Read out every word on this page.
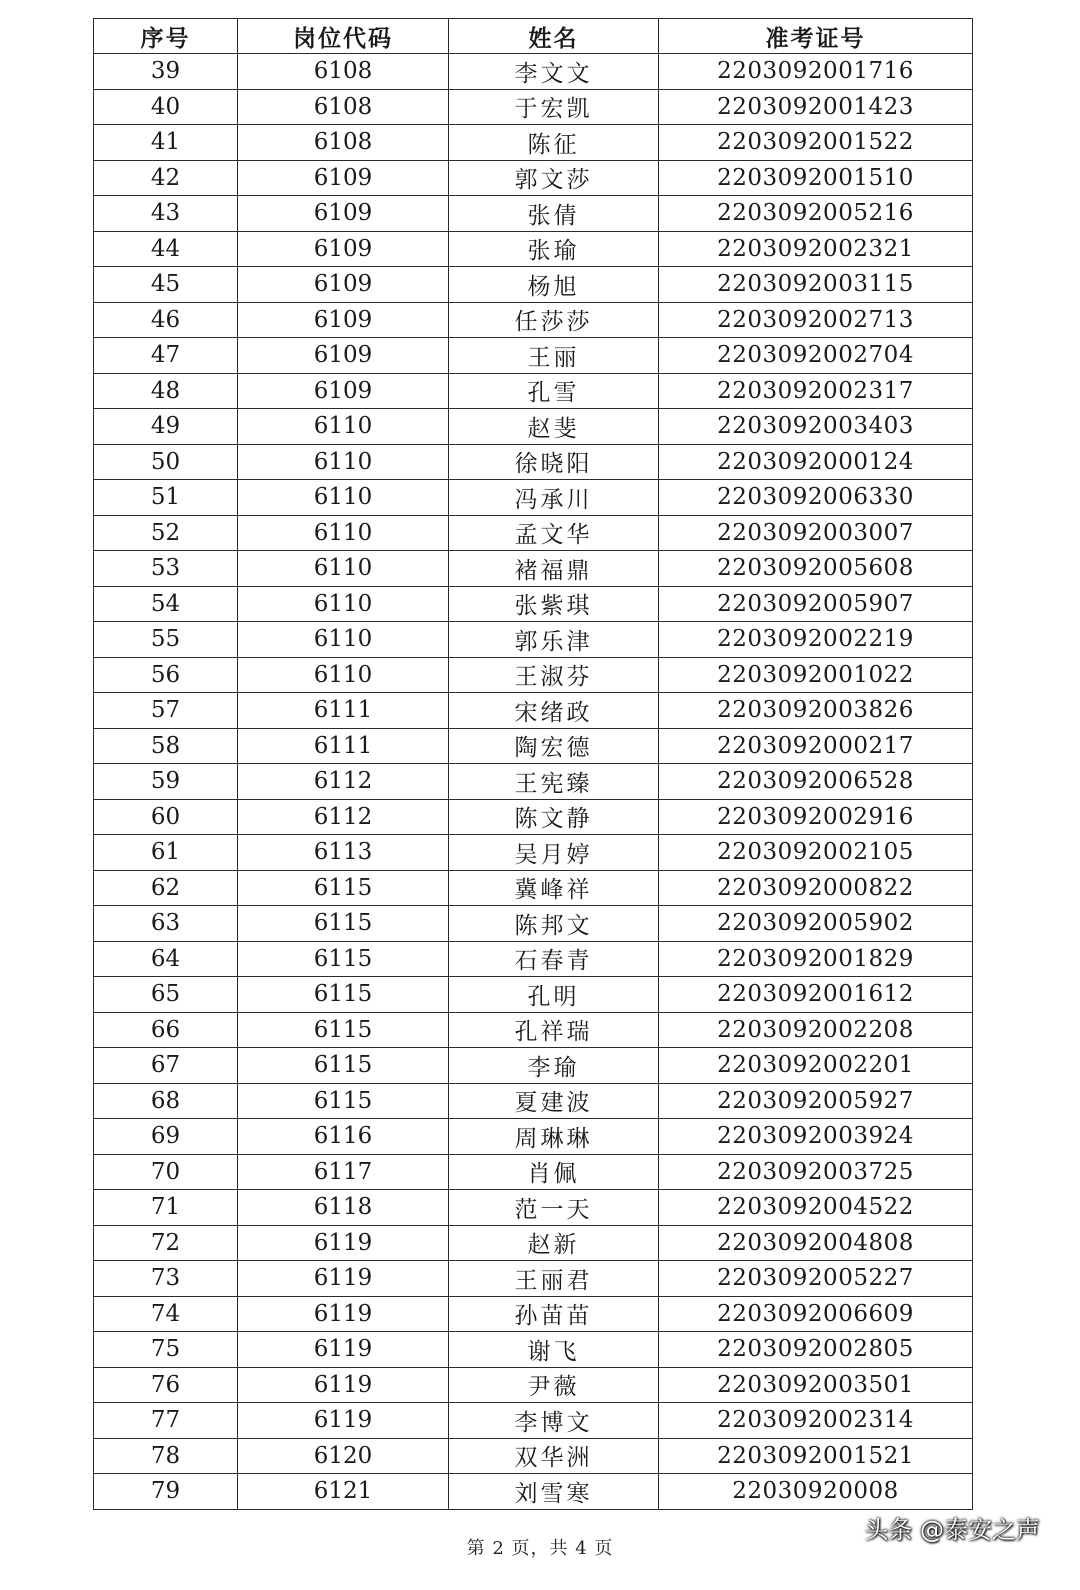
序号	岗位代码	姓名	准考证号
39	6108	李文文	2203092001716
40	6108	于宏凯	2203092001423
41	6108	陈征	2203092001522
42	6109	郭文莎	2203092001510
43	6109	张倩	2203092005216
44	6109	张瑜	2203092002321
45	6109	杨旭	2203092003115
46	6109	任莎莎	2203092002713
47	6109	王丽	2203092002704
48	6109	孔雪	2203092002317
49	6110	赵斐	2203092003403
50	6110	徐晓阳	2203092000124
51	6110	冯承川	2203092006330
52	6110	孟文华	2203092003007
53	6110	褚福鼎	2203092005608
54	6110	张紫琪	2203092005907
55	6110	郭乐津	2203092002219
56	6110	王淑芬	2203092001022
57	6111	宋绪政	2203092003826
58	6111	陶宏德	2203092000217
59	6112	王宪臻	2203092006528
60	6112	陈文静	2203092002916
61	6113	吴月婷	2203092002105
62	6115	冀峰祥	2203092000822
63	6115	陈邦文	2203092005902
64	6115	石春青	2203092001829
65	6115	孔明	2203092001612
66	6115	孔祥瑞	2203092002208
67	6115	李瑜	2203092002201
68	6115	夏建波	2203092005927
69	6116	周琳琳	2203092003924
70	6117	肖佩	2203092003725
71	6118	范一天	2203092004522
72	6119	赵新	2203092004808
73	6119	王丽君	2203092005227
74	6119	孙苗苗	2203092006609
75	6119	谢飞	2203092002805
76	6119	尹薇	2203092003501
77	6119	李博文	2203092002314
78	6120	双华洲	2203092001521
79	6121	刘雪寒	22030920008
第 2 页，共 4 页
头条 @泰安之声
